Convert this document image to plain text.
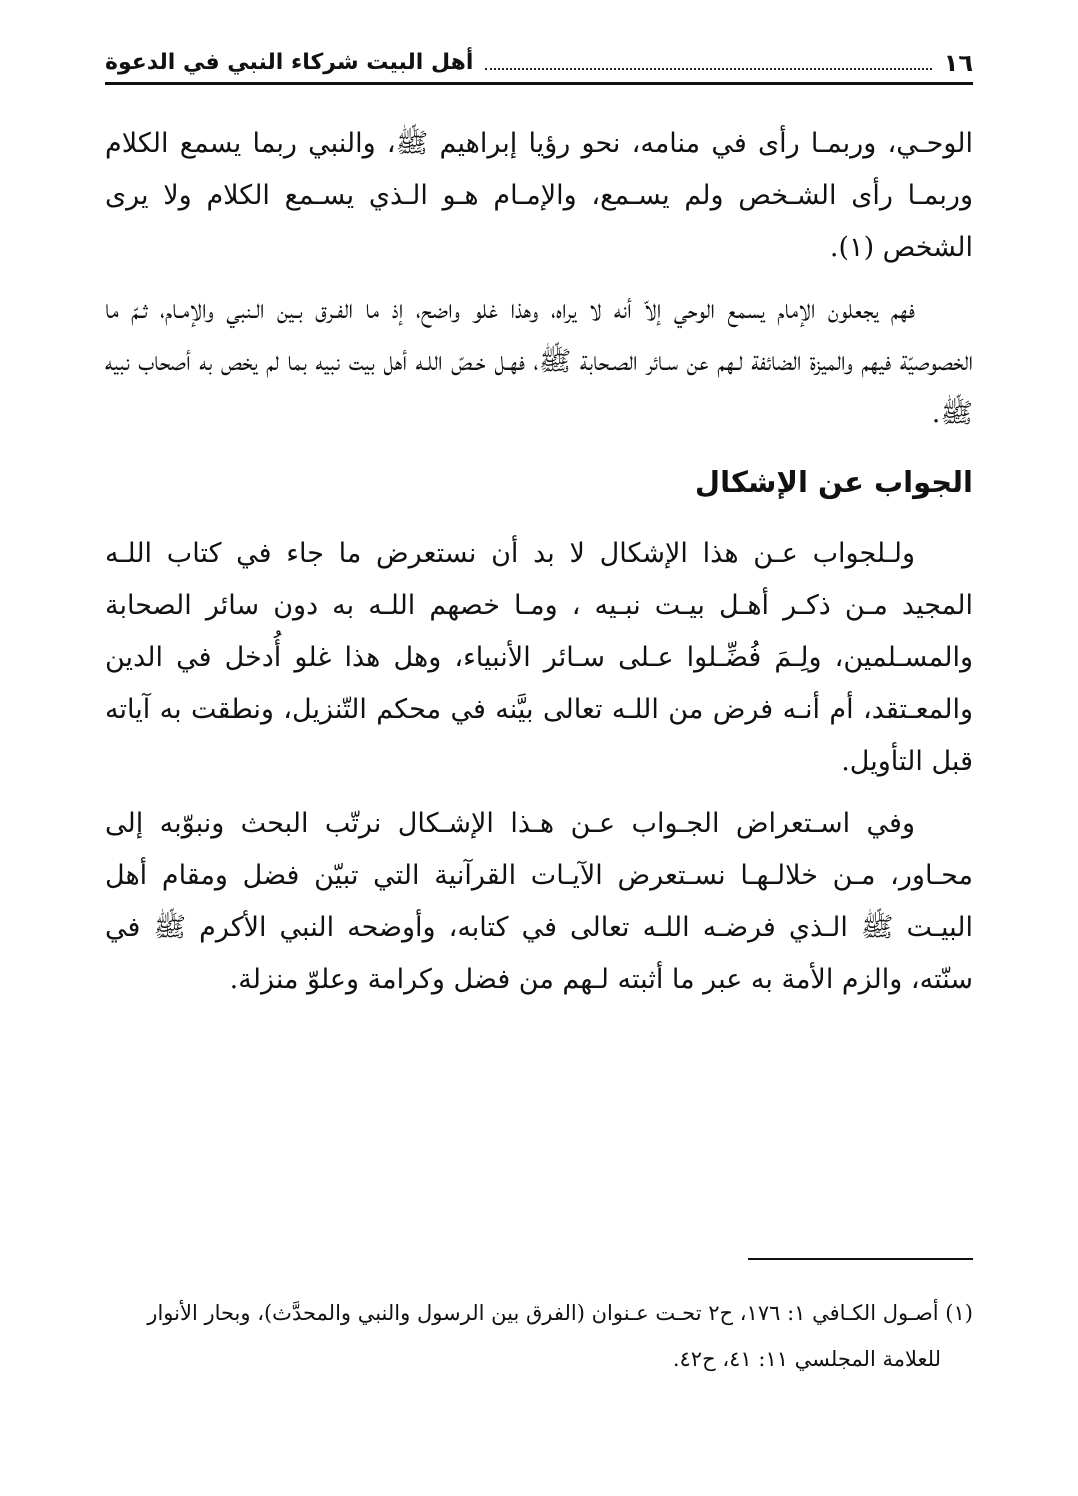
١٦
أهل البيت شركاء النبي في الدعوة

الوحـي، وربمـا رأى في منامه، نحو رؤيا إبراهيم ﷺ، والنبي ربما يسمع الكلام وربمـا رأى الشـخص ولم يسـمع، والإمـام هـو الـذي يسـمع الكلام ولا يرى الشخص (١).

فهم يجعلون الإمام يسمع الوحي إلاّ أنه لا يراه، وهذا غلو واضح، إذ ما الفـرق بـين الـنبي والإمـام، ثـمّ ما الخصوصيّة فيهم والميزة الضائفة لـهم عن سـائر الصـحابة ﷺ، فهـل خـصّ اللـه أهل بيت نبيه بما لم يخص به أصحاب نبيه ﷺ.

الجواب عن الإشكال

ولـلجواب عـن هذا الإشكال لا بد أن نستعرض ما جاء في كتاب اللـه المجيد مـن ذكـر أهـل بيـت نبـيه ، ومـا خصهم اللـه به دون سائر الصحابة والمسـلمين، ولِـمَ فُضِّـلوا عـلى سـائر الأنبياء، وهل هذا غلو أُدخل في الدين والمعـتقد، أم أنـه فرض من اللـه تعالى بيَّنه في محكم التّنزيل، ونطقت به آياته قبل التأويل.

وفي اسـتعراض الجـواب عـن هـذا الإشـكال نرتّب البحث ونبوّبه إلى محـاور، مـن خلالـهـا نسـتعرض الآيـات القرآنية التي تبيّن فضل ومقام أهل البيـت ﷺ الـذي فرضـه اللـه تعالى في كتابه، وأوضحه النبي الأكرم ﷺ في سنّته، والزم الأمة به عبر ما أثبته لـهم من فضل وكرامة وعلوّ منزلة.

(١) أصـول الكـافي ١: ١٧٦، ح٢ تحـت عـنوان (الفرق بين الرسول والنبي والمحدَّث)، وبحار الأنوار

للعلامة المجلسي ١١: ٤١، ح٤٢.
